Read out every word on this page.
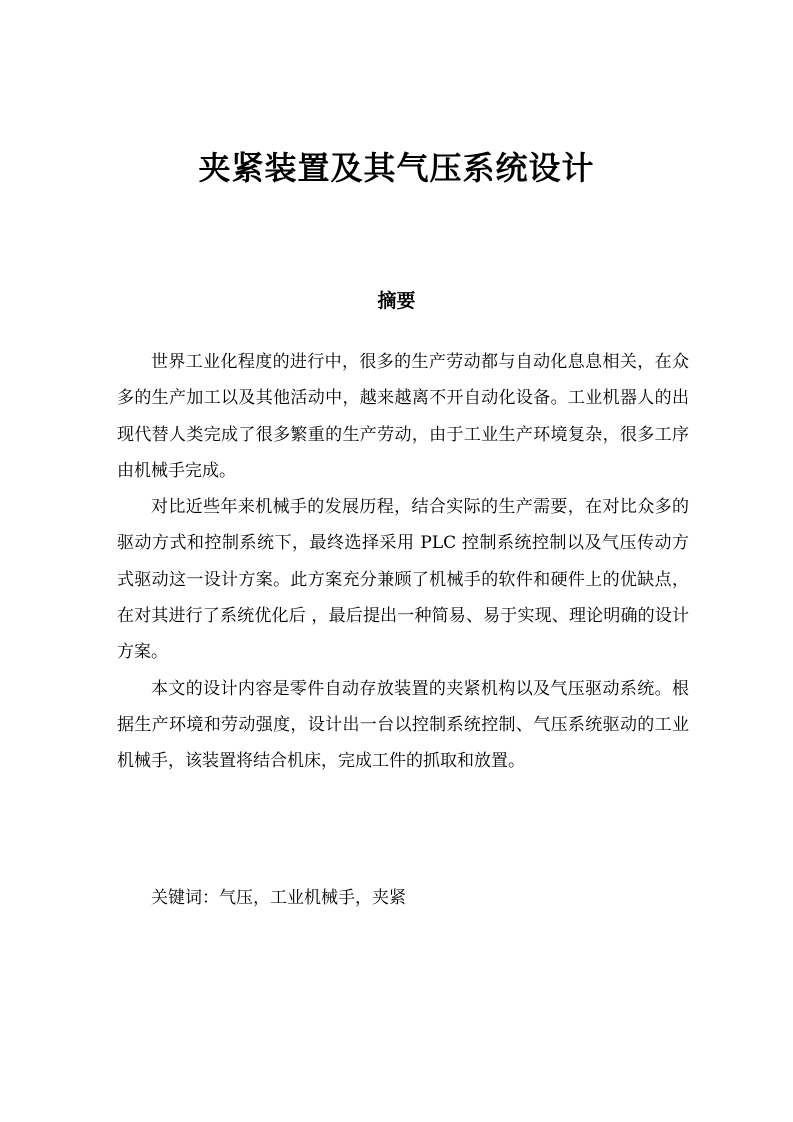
夹紧装置及其气压系统设计
摘要

世界工业化程度的进行中，很多的生产劳动都与自动化息息相关，在众多的生产加工以及其他活动中，越来越离不开自动化设备。工业机器人的出现代替人类完成了很多繁重的生产劳动，由于工业生产环境复杂，很多工序由机械手完成。

对比近些年来机械手的发展历程，结合实际的生产需要，在对比众多的驱动方式和控制系统下，最终选择采用 PLC 控制系统控制以及气压传动方式驱动这一设计方案。此方案充分兼顾了机械手的软件和硬件上的优缺点，在对其进行了系统优化后 ，最后提出一种简易、易于实现、理论明确的设计方案。

本文的设计内容是零件自动存放装置的夹紧机构以及气压驱动系统。根据生产环境和劳动强度，设计出一台以控制系统控制、气压系统驱动的工业机械手，该装置将结合机床，完成工件的抓取和放置。

关键词：气压，工业机械手，夹紧
